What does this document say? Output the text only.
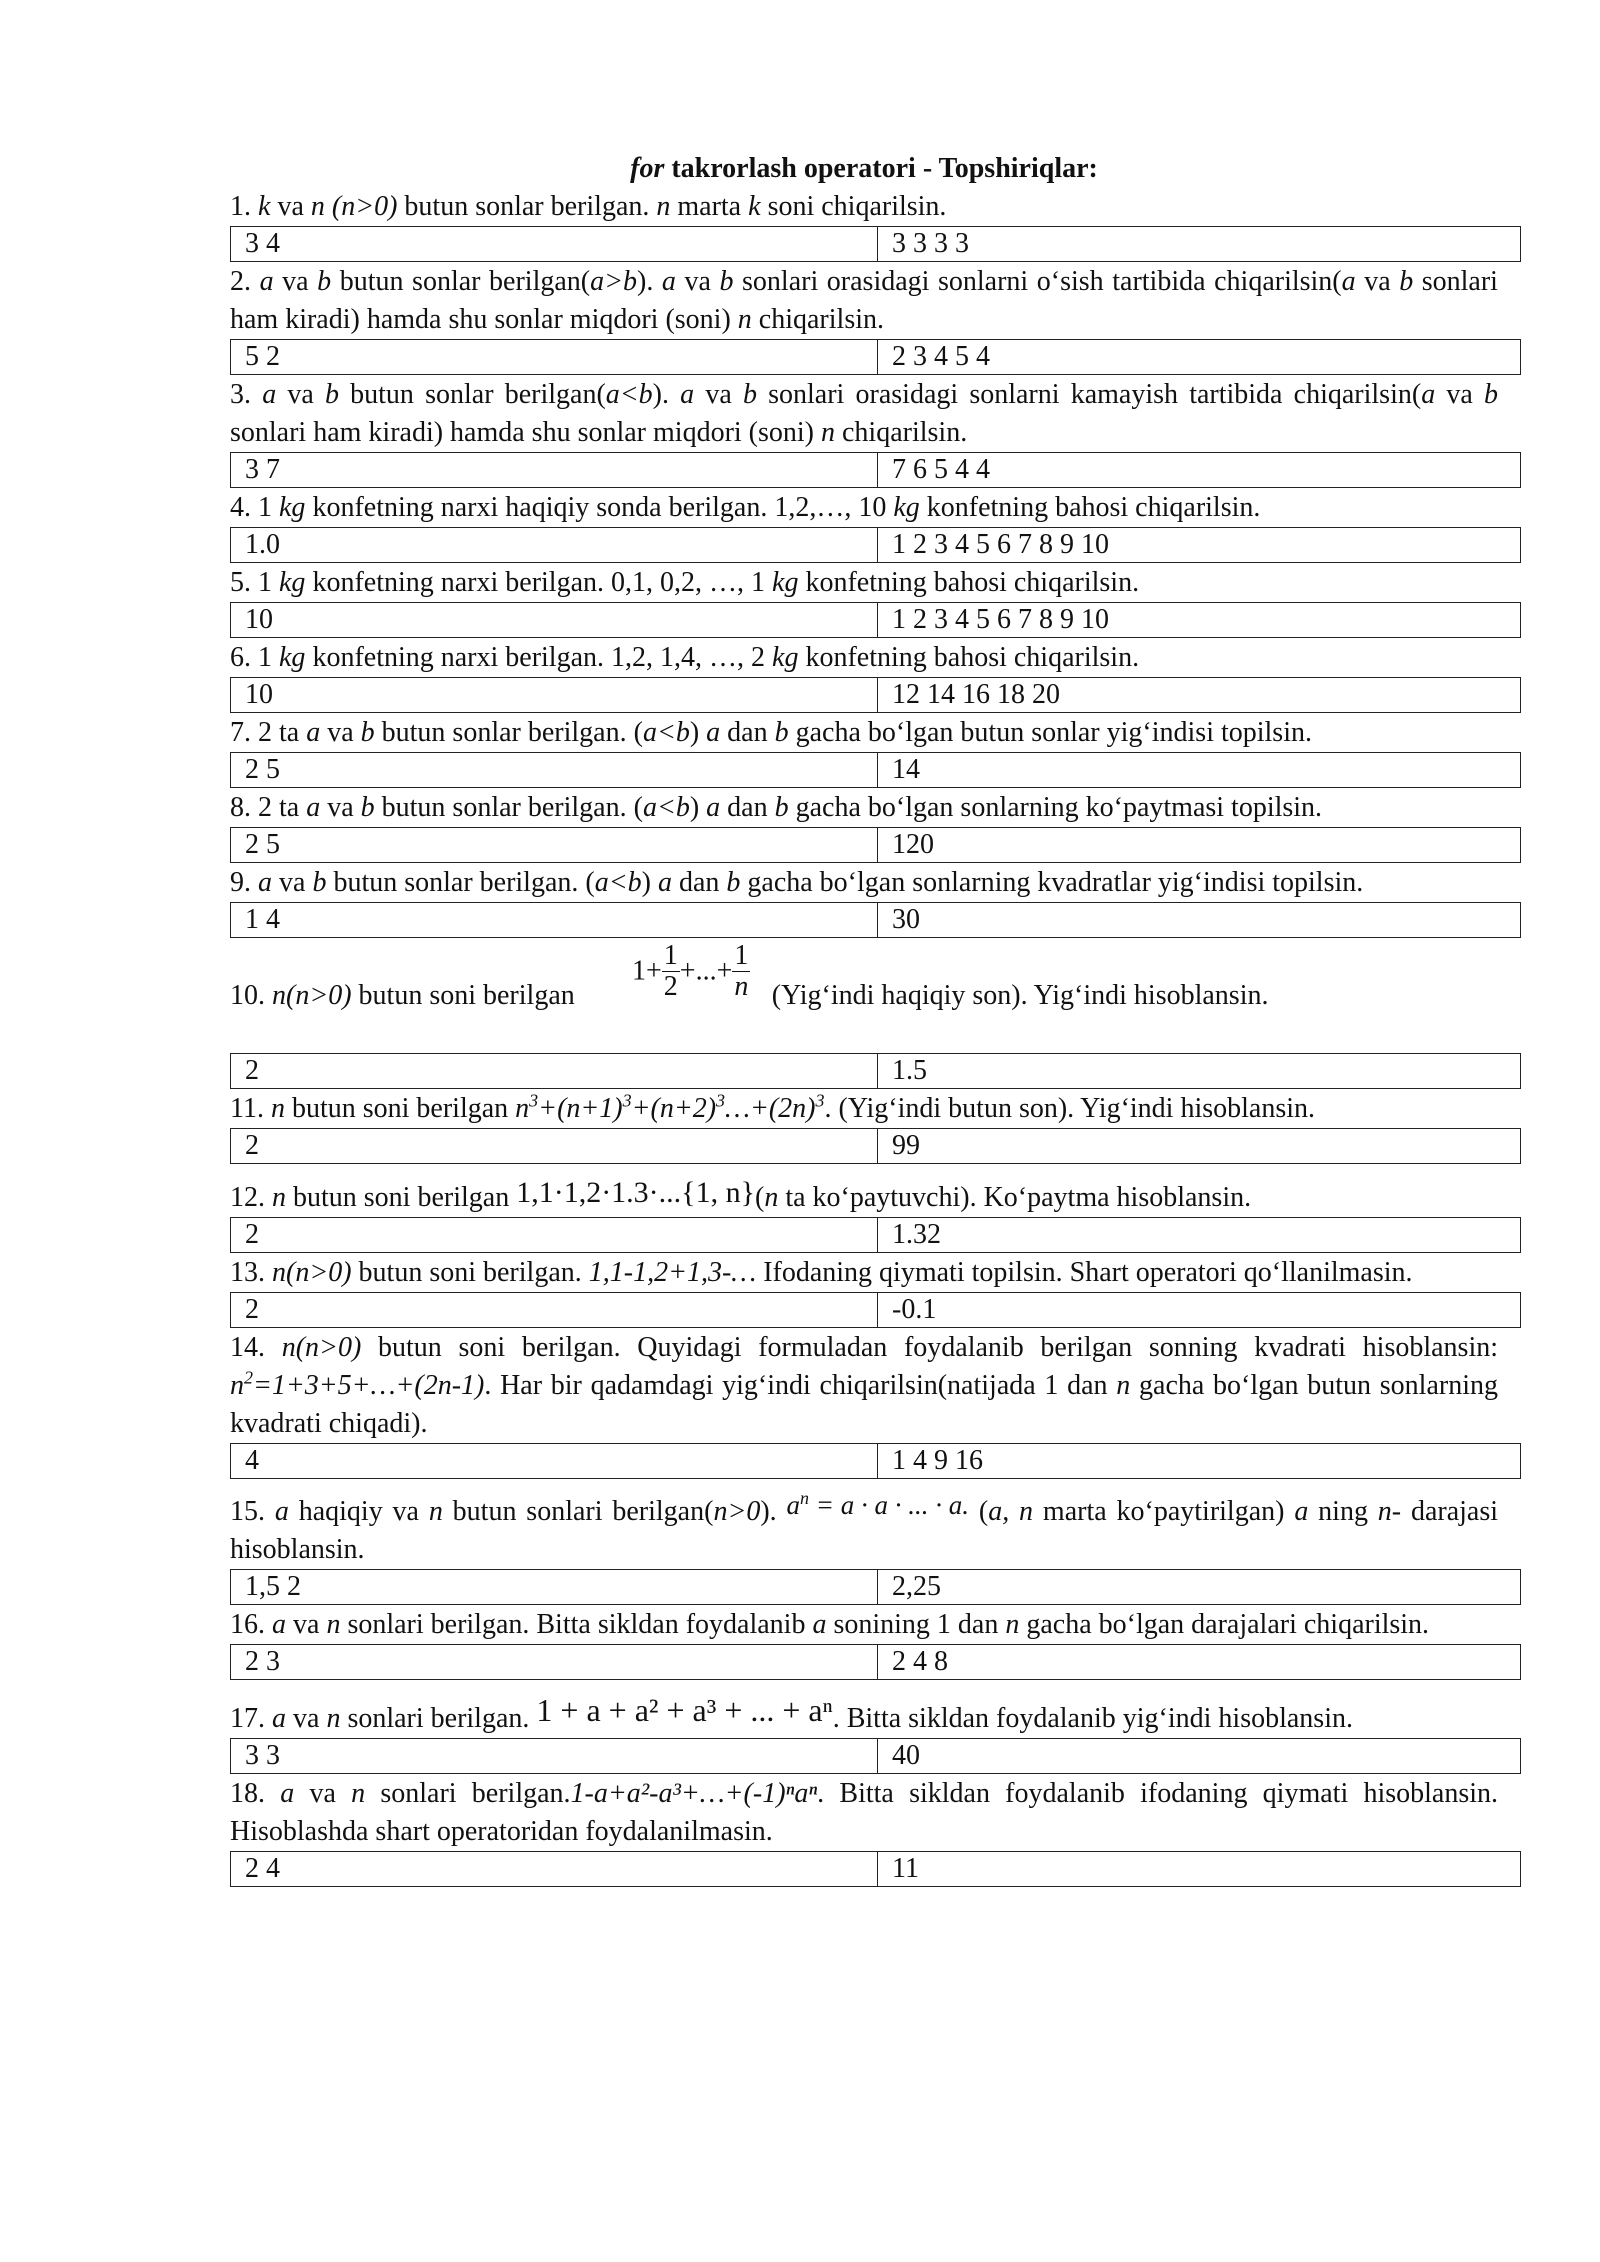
for takrorlash operatori - Topshiriqlar:
1. k va n (n>0) butun sonlar berilgan. n marta k soni chiqarilsin.
3 4	3 3 3 3
2. a va b butun sonlar berilgan(a>b). a va b sonlari orasidagi sonlarni o‘sish tartibida chiqarilsin(a va b sonlari ham kiradi) hamda shu sonlar miqdori (soni) n chiqarilsin.
5 2	2 3 4 5 4
3. a va b butun sonlar berilgan(a<b). a va b sonlari orasidagi sonlarni kamayish tartibida chiqarilsin(a va b sonlari ham kiradi) hamda shu sonlar miqdori (soni) n chiqarilsin.
3 7	7 6 5 4 4
4. 1 kg konfetning narxi haqiqiy sonda berilgan. 1,2,…, 10 kg konfetning bahosi chiqarilsin.
1.0	1 2 3 4 5 6 7 8 9 10
5. 1 kg konfetning narxi berilgan. 0,1, 0,2, …, 1 kg konfetning bahosi chiqarilsin.
10	1 2 3 4 5 6 7 8 9 10
6. 1 kg konfetning narxi berilgan. 1,2, 1,4, …, 2 kg konfetning bahosi chiqarilsin.
10	12 14 16 18 20
7. 2 ta a va b butun sonlar berilgan. (a<b) a dan b gacha bo‘lgan butun sonlar yig‘indisi topilsin.
2 5	14
8. 2 ta a va b butun sonlar berilgan. (a<b) a dan b gacha bo‘lgan sonlarning ko‘paytmasi topilsin.
2 5	120
9. a va b butun sonlar berilgan. (a<b) a dan b gacha bo‘lgan sonlarning kvadratlar yig‘indisi topilsin.
1 4	30
$1+ \frac{1}{2}$ +...+ $\frac{1}{n}$
10. n(n>0) butun soni berilgan	(Yig‘indi haqiqiy son). Yig‘indi hisoblansin.
2	1.5
11. n butun soni berilgan $n^3+(n+1)^3+(n+2)^3\dots+(2n)^3$. (Yig‘indi butun son). Yig‘indi hisoblansin.
2	99
12. n butun soni berilgan 1,1·1,2·1.3·...{1, n}(n ta ko‘paytuvchi). Ko‘paytma hisoblansin.
2	1.32
13. n(n>0) butun soni berilgan. 1,1-1,2+1,3-… Ifodaning qiymati topilsin. Shart operatori qo‘llanilmasin.
2	-0.1
14. n(n>0) butun soni berilgan. Quyidagi formuladan foydalanib berilgan sonning kvadrati hisoblansin: $n^2=1+3+5+\dots+(2n-1)$. Har bir qadamdagi yig‘indi chiqarilsin(natijada 1 dan n gacha bo‘lgan butun sonlarning kvadrati chiqadi).
4	1 4 9 16
15. a haqiqiy va n butun sonlari berilgan(n>0). $a^n = a \cdot a$ · ... · a. (a, n marta ko‘paytirilgan) a ning n- darajasi hisoblansin.
1,5 2	2,25
16. a va n sonlari berilgan. Bitta sikldan foydalanib a sonining 1 dan n gacha bo‘lgan darajalari chiqarilsin.
2 3	2 4 8
17. a va n sonlari berilgan. 1 + a + a² + a³ + ... + aⁿ. Bitta sikldan foydalanib yig‘indi hisoblansin.
3 3	40
18. a va n sonlari berilgan.1-a+a²-a³+…+(-1)ⁿaⁿ. Bitta sikldan foydalanib ifodaning qiymati hisoblansin. Hisoblashda shart operatoridan foydalanilmasin.
2 4	11
